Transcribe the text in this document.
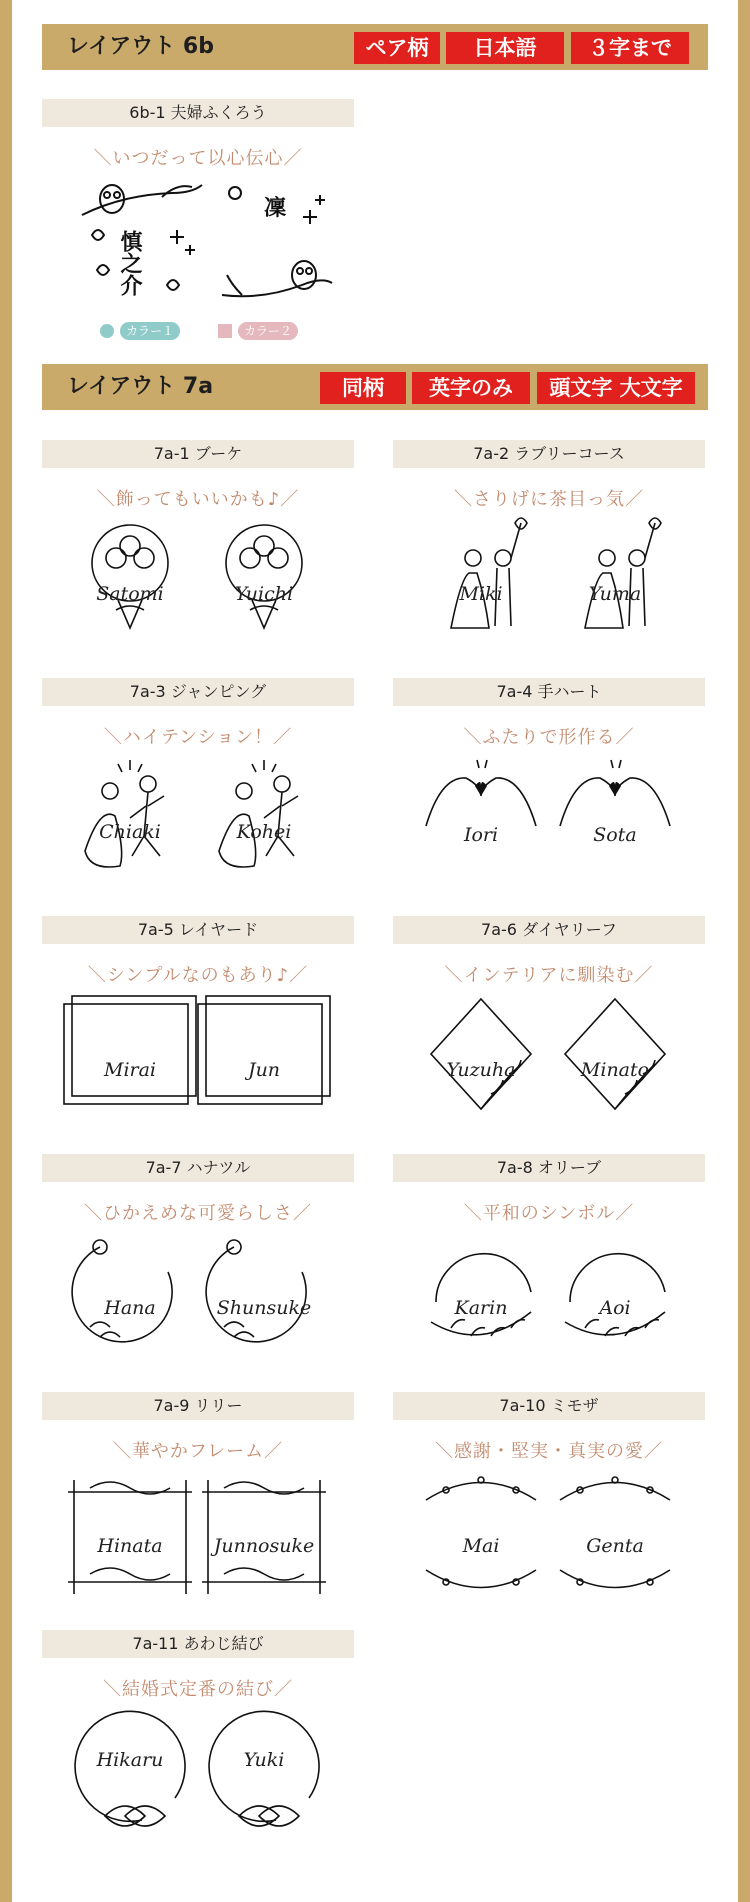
レイアウト 6b	ペア柄	日本語	３字まで
6b-1 夫婦ふくろう
＼いつだって以心伝心／
慎之介
凜
カラー１	カラー２
レイアウト 7a	同柄	英字のみ	頭文字 大文字
7a-1 ブーケ
＼飾ってもいいかも♪／
Satomi	Yuichi
7a-2 ラブリーコース
＼さりげに茶目っ気／
Miki	Yuma
7a-3 ジャンピング
＼ハイテンション！／
Chiaki	Kohei
7a-4 手ハート
＼ふたりで形作る／
Iori	Sota
7a-5 レイヤード
＼シンプルなのもあり♪／
Mirai	Jun
7a-6 ダイヤリーフ
＼インテリアに馴染む／
Yuzuha	Minato
7a-7 ハナツル
＼ひかえめな可愛らしさ／
Hana	Shunsuke
7a-8 オリーブ
＼平和のシンボル／
Karin	Aoi
7a-9 リリー
＼華やかフレーム／
Hinata	Junnosuke
7a-10 ミモザ
＼感謝・堅実・真実の愛／
Mai	Genta
7a-11 あわじ結び
＼結婚式定番の結び／
Hikaru	Yuki
